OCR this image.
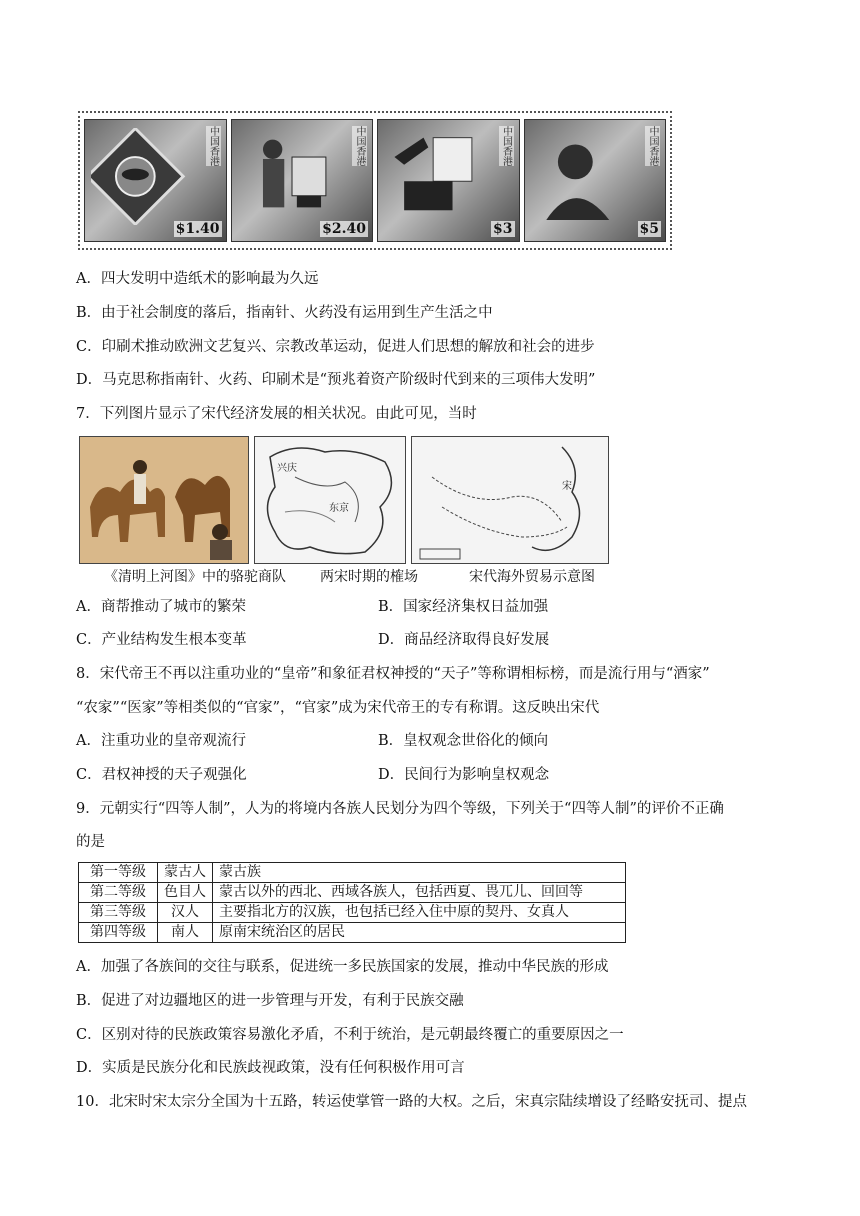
中国香港
$1.40
中国香港
$2.40
中国香港
$3
中国香港
$5
A．四大发明中造纸术的影响最为久远
B．由于社会制度的落后，指南针、火药没有运用到生产生活之中
C．印刷术推动欧洲文艺复兴、宗教改革运动，促进人们思想的解放和社会的进步
D．马克思称指南针、火药、印刷术是“预兆着资产阶级时代到来的三项伟大发明”
7．下列图片显示了宋代经济发展的相关状况。由此可见，当时
兴庆
东京
宋
《清明上河图》中的骆驼商队 两宋时期的榷场	宋代海外贸易示意图
A．商帮推动了城市的繁荣	B．国家经济集权日益加强
C．产业结构发生根本变革	D．商品经济取得良好发展
8．宋代帝王不再以注重功业的“皇帝”和象征君权神授的“天子”等称谓相标榜，而是流行用与“酒家”
“农家”“医家”等相类似的“官家”，“官家”成为宋代帝王的专有称谓。这反映出宋代
A．注重功业的皇帝观流行	B．皇权观念世俗化的倾向
C．君权神授的天子观强化	D．民间行为影响皇权观念
9．元朝实行“四等人制”，人为的将境内各族人民划分为四个等级，下列关于“四等人制”的评价不正确
的是
第一等级	蒙古人	蒙古族
第二等级	色目人	蒙古以外的西北、西域各族人，包括西夏、畏兀儿、回回等
第三等级	汉人	主要指北方的汉族，也包括已经入住中原的契丹、女真人
第四等级	南人	原南宋统治区的居民
A．加强了各族间的交往与联系，促进统一多民族国家的发展，推动中华民族的形成
B．促进了对边疆地区的进一步管理与开发，有利于民族交融
C．区别对待的民族政策容易激化矛盾，不利于统治，是元朝最终覆亡的重要原因之一
D．实质是民族分化和民族歧视政策，没有任何积极作用可言
10．北宋时宋太宗分全国为十五路，转运使掌管一路的大权。之后，宋真宗陆续增设了经略安抚司、提点
